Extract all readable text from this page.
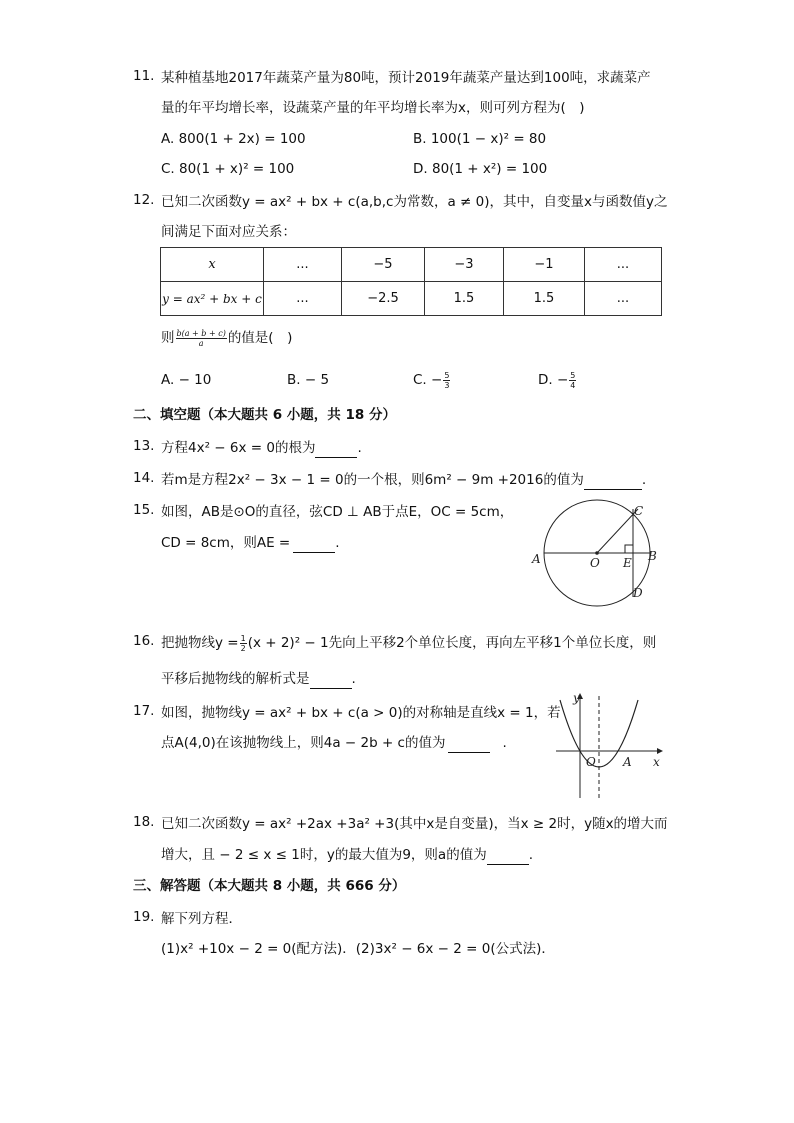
11. 某种植基地2017年蔬菜产量为80吨，预计2019年蔬菜产量达到100吨，求蔬菜产
量的年平均增长率，设蔬菜产量的年平均增长率为x，则可列方程为(　)
A. 800(1 + 2x) = 100	B. 100(1 − x)² = 80
C. 80(1 + x)² = 100	D. 80(1 + x²) = 100
12. 已知二次函数y = ax² + bx + c(a,b,c为常数，a ≠ 0)，其中，自变量x与函数值y之
间满足下面对应关系：
x	...	−5	−3	−1	...
y = ax² + bx + c	...	−2.5	1.5	1.5	...
则 $\frac{b(a + b + c)}{a}$ 的值是(　)
A. − 10	B. − 5	C. − $\frac{5}{3}$	D. − $\frac{5}{4}$
二、填空题（本大题共 6 小题，共 18 分）
13. 方程4x² − 6x = 0的根为	.
14. 若m是方程2x² − 3x − 1 = 0的一个根，则6m² − 9m +2016的值为	.
15. 如图，AB是⊙O的直径，弦CD ⊥ AB于点E，OC = 5cm，
CD = 8cm，则AE =	.
A	O E B
C
D
16. 把抛物线$y = \frac{1}{2} (x + 2)^2 - 1$先向上平移2个单位长度，再向左平移1个单位长度，则
平移后抛物线的解析式是	.
17. 如图，抛物线y = ax² + bx + c(a > 0)的对称轴是直线x = 1，若
点A(4,0)在该抛物线上，则4a − 2b + c的值为	.
y
x
O A
18. 已知二次函数y = ax² +2ax +3a² +3(其中x是自变量)，当x ≥ 2时，y随x的增大而
增大，且 − 2 ≤ x ≤ 1时，y的最大值为9，则a的值为	.
三、解答题（本大题共 8 小题，共 666 分）
19. 解下列方程．
(1)x² +10x − 2 = 0(配方法)．(2)3x² − 6x − 2 = 0(公式法)．
